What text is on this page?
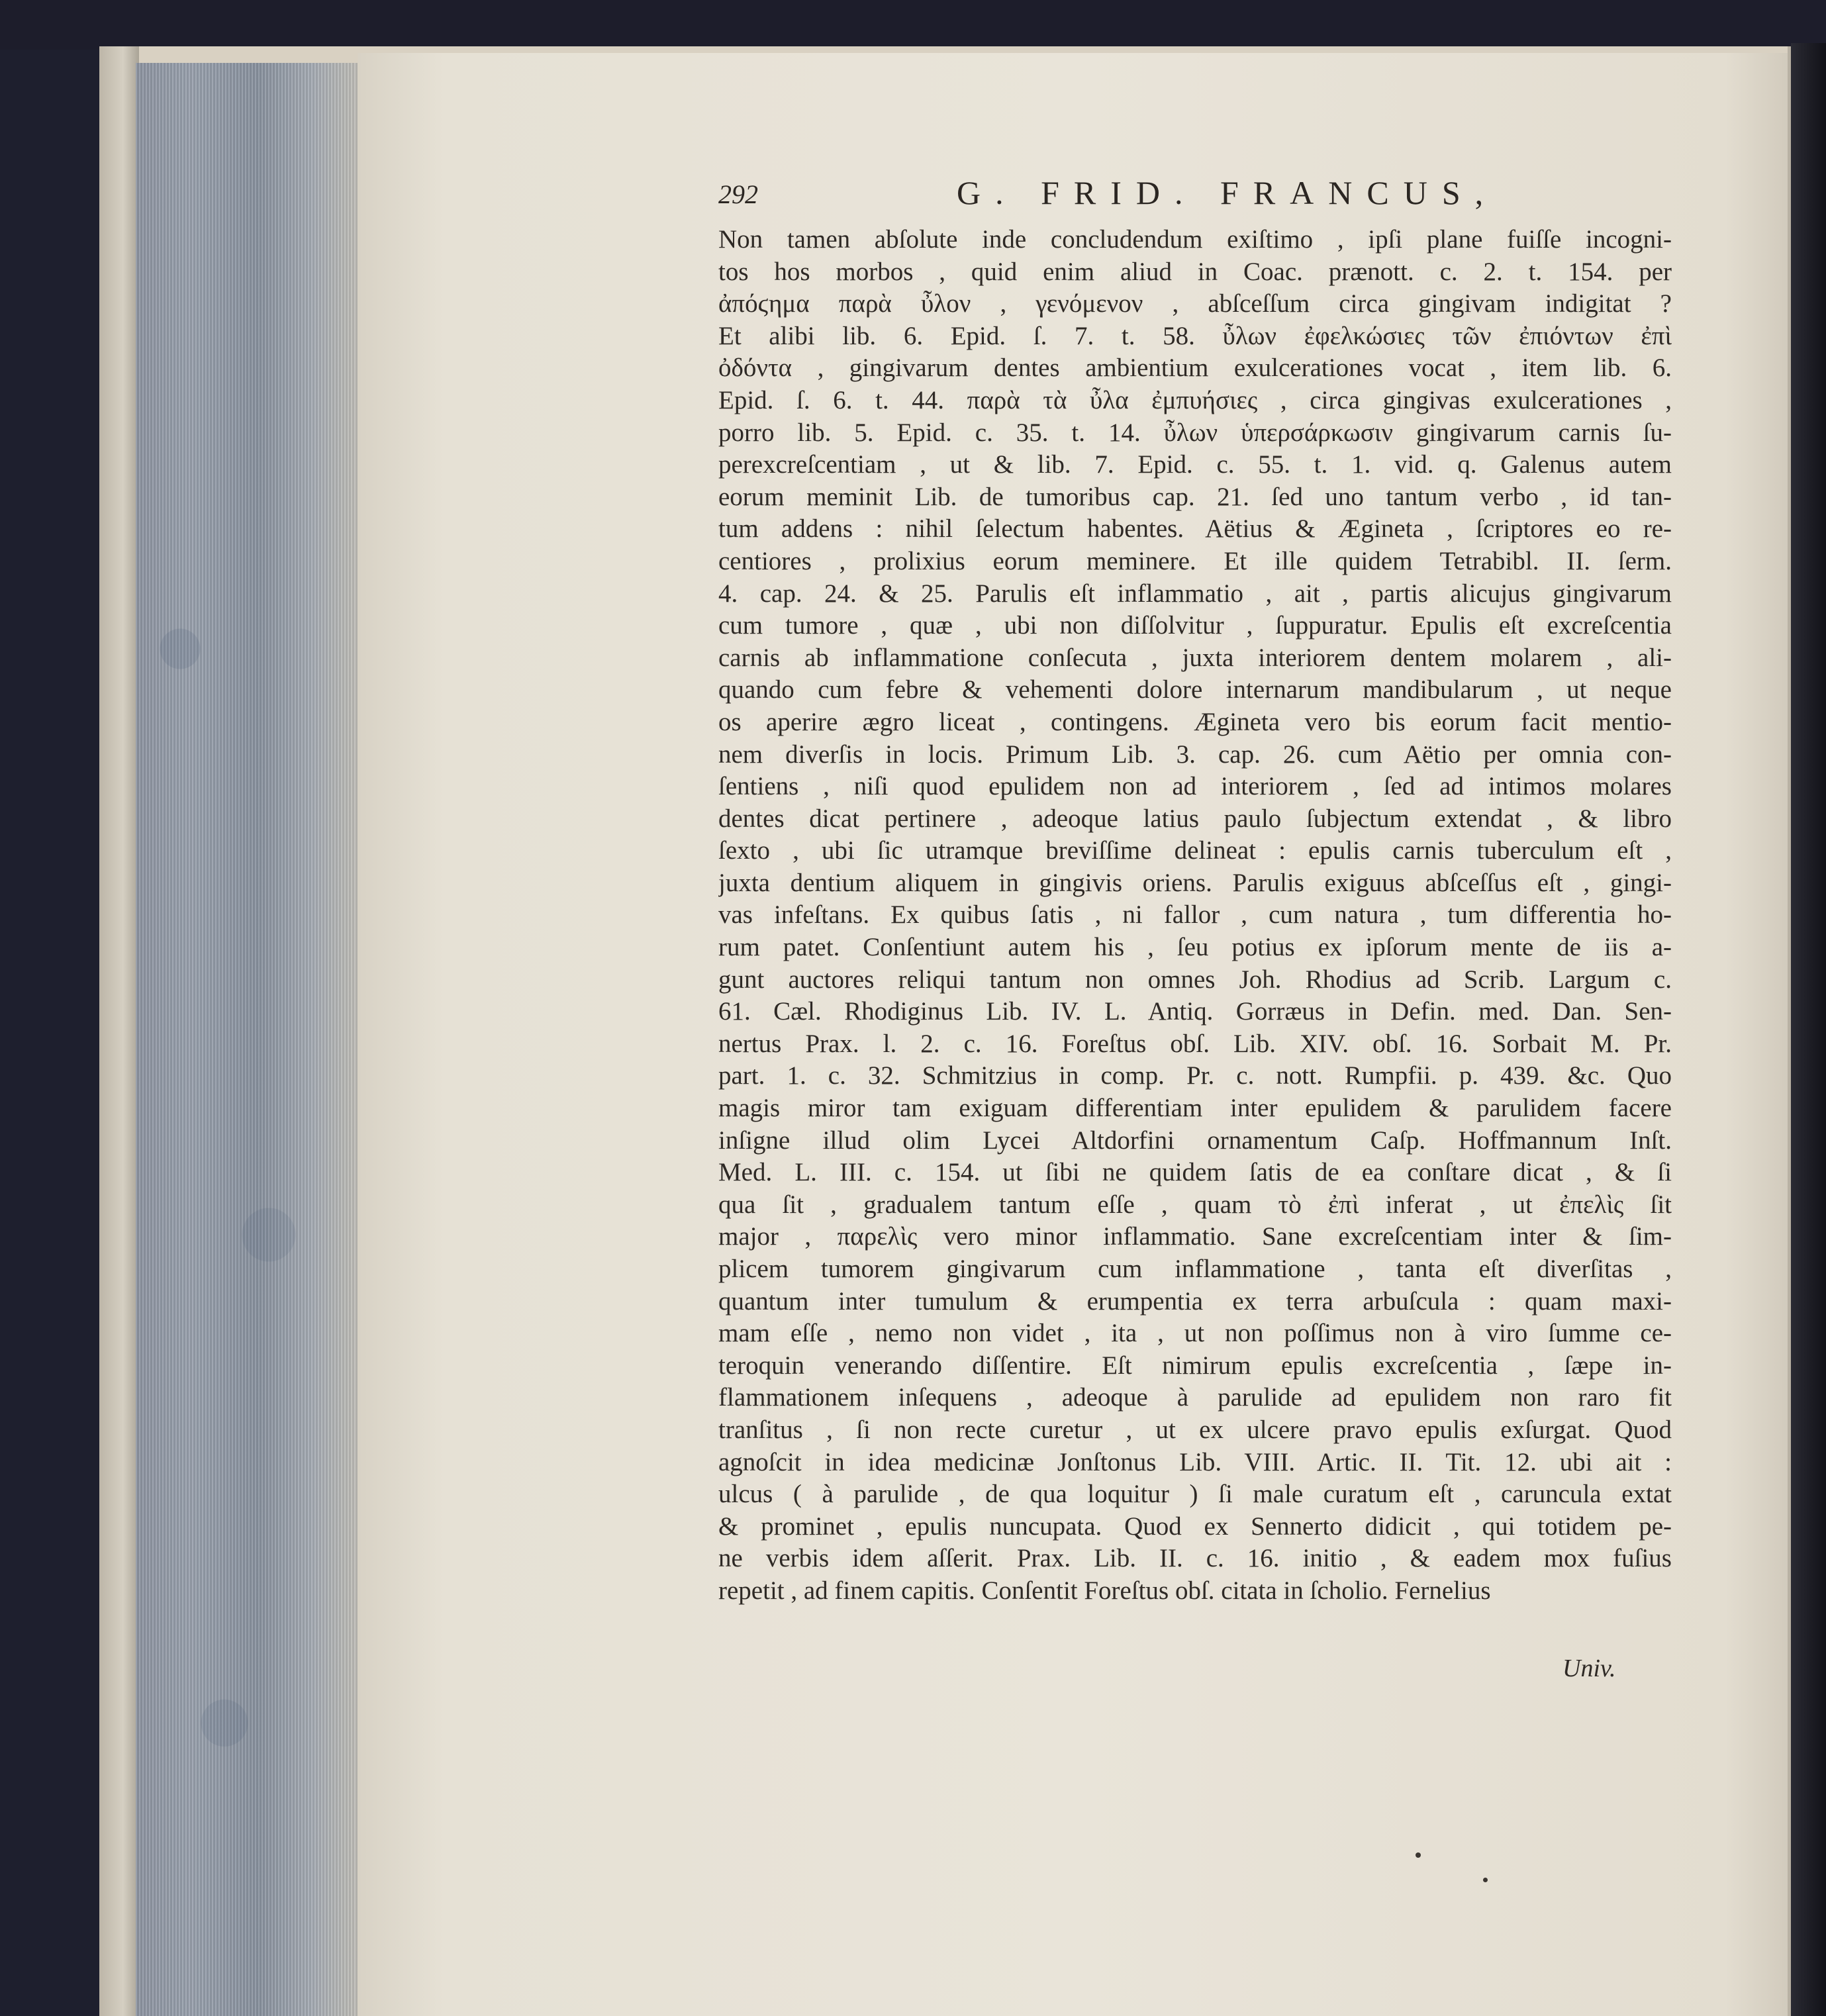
292	G. FRID. FRANCUS,
Non tamen abſolute inde concludendum exiſtimo , ipſi plane fuiſſe incogni-
tos hos morbos , quid enim aliud in Coac. prænott. c. 2. t. 154. per
ἀπόϛημα παρὰ ὖλον , γενόμενον , abſceſſum circa gingivam indigitat ?
Et alibi lib. 6. Epid. ſ. 7. t. 58. ὖλων ἐφελκώσιες τῶν ἐπιόντων ἐπὶ
ὀδόντα , gingivarum dentes ambientium exulcerationes vocat , item lib. 6.
Epid. ſ. 6. t. 44. παρὰ τὰ ὖλα ἐμπυήσιες , circa gingivas exulcerationes ,
porro lib. 5. Epid. c. 35. t. 14. ὖλων ὑπερσάρκωσιν gingivarum carnis ſu-
perexcreſcentiam , ut & lib. 7. Epid. c. 55. t. 1. vid. q. Galenus autem
eorum meminit Lib. de tumoribus cap. 21. ſed uno tantum verbo , id tan-
tum addens : nihil ſelectum habentes. Aëtius & Ægineta , ſcriptores eo re-
centiores , prolixius eorum meminere. Et ille quidem Tetrabibl. II. ſerm.
4. cap. 24. & 25. Parulis eſt inflammatio , ait , partis alicujus gingivarum
cum tumore , quæ , ubi non diſſolvitur , ſuppuratur. Epulis eſt excreſcentia
carnis ab inflammatione conſecuta , juxta interiorem dentem molarem , ali-
quando cum febre & vehementi dolore internarum mandibularum , ut neque
os aperire ægro liceat , contingens. Ægineta vero bis eorum facit mentio-
nem diverſis in locis. Primum Lib. 3. cap. 26. cum Aëtio per omnia con-
ſentiens , niſi quod epulidem non ad interiorem , ſed ad intimos molares
dentes dicat pertinere , adeoque latius paulo ſubjectum extendat , & libro
ſexto , ubi ſic utramque breviſſime delineat : epulis carnis tuberculum eſt ,
juxta dentium aliquem in gingivis oriens. Parulis exiguus abſceſſus eſt , gingi-
vas infeſtans. Ex quibus ſatis , ni fallor , cum natura , tum differentia ho-
rum patet. Conſentiunt autem his , ſeu potius ex ipſorum mente de iis a-
gunt auctores reliqui tantum non omnes Joh. Rhodius ad Scrib. Largum c.
61. Cæl. Rhodiginus Lib. IV. L. Antiq. Gorræus in Defin. med. Dan. Sen-
nertus Prax. l. 2. c. 16. Foreſtus obſ. Lib. XIV. obſ. 16. Sorbait M. Pr.
part. 1. c. 32. Schmitzius in comp. Pr. c. nott. Rumpfii. p. 439. &c. Quo
magis miror tam exiguam differentiam inter epulidem & parulidem facere
inſigne illud olim Lycei Altdorfini ornamentum Caſp. Hoffmannum Inſt.
Med. L. III. c. 154. ut ſibi ne quidem ſatis de ea conſtare dicat , & ſi
qua ſit , gradualem tantum eſſe , quam τὸ ἐπὶ inferat , ut ἐπελὶς ſit
major , παρελὶς vero minor inflammatio. Sane excreſcentiam inter & ſim-
plicem tumorem gingivarum cum inflammatione , tanta eſt diverſitas ,
quantum inter tumulum & erumpentia ex terra arbuſcula : quam maxi-
mam eſſe , nemo non videt , ita , ut non poſſimus non à viro ſumme ce-
teroquin venerando diſſentire. Eſt nimirum epulis excreſcentia , ſæpe in-
flammationem inſequens , adeoque à parulide ad epulidem non raro fit
tranſitus , ſi non recte curetur , ut ex ulcere pravo epulis exſurgat. Quod
agnoſcit in idea medicinæ Jonſtonus Lib. VIII. Artic. II. Tit. 12. ubi ait :
ulcus ( à parulide , de qua loquitur ) ſi male curatum eſt , caruncula extat
& prominet , epulis nuncupata. Quod ex Sennerto didicit , qui totidem pe-
ne verbis idem aſſerit. Prax. Lib. II. c. 16. initio , & eadem mox fuſius
repetit , ad finem capitis. Conſentit Foreſtus obſ. citata in ſcholio. Fernelius
Univ.
